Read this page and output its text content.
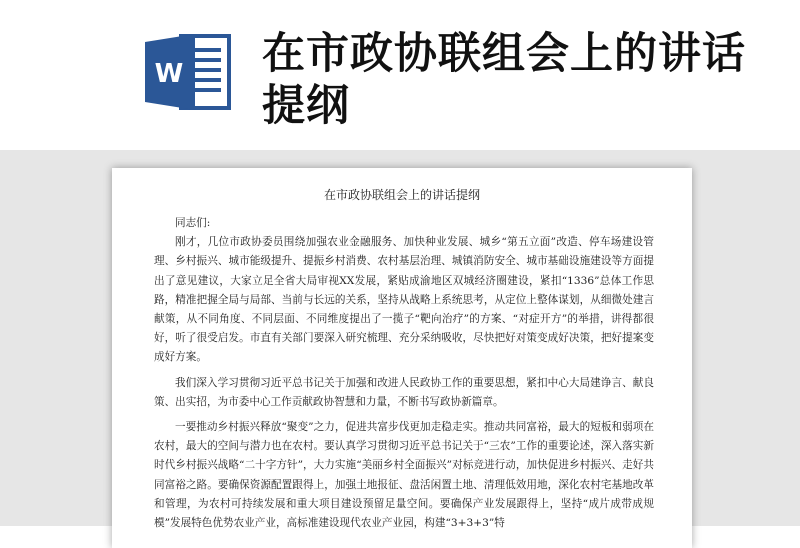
W 在市政协联组会上的讲话提纲
在市政协联组会上的讲话提纲

同志们:

刚才，几位市政协委员围绕加强农业金融服务、加快种业发展、城乡“第五立面”改造、停车场建设管理、乡村振兴、城市能级提升、提振乡村消费、农村基层治理、城镇消防安全、城市基础设施建设等方面提出了意见建议，大家立足全省大局审视XX发展，紧贴成渝地区双城经济圈建设，紧扣“1336”总体工作思路，精准把握全局与局部、当前与长远的关系，坚持从战略上系统思考，从定位上整体谋划，从细微处建言献策，从不同角度、不同层面、不同维度提出了一揽子“靶向治疗”的方案、“对症开方”的举措，讲得都很好，听了很受启发。市直有关部门要深入研究梳理、充分采纳吸收，尽快把好对策变成好决策，把好提案变成好方案。

我们深入学习贯彻习近平总书记关于加强和改进人民政协工作的重要思想，紧扣中心大局建诤言、献良策、出实招，为市委中心工作贡献政协智慧和力量，不断书写政协新篇章。

一要推动乡村振兴释放“聚变”之力，促进共富步伐更加走稳走实。推动共同富裕，最大的短板和弱项在农村，最大的空间与潜力也在农村。要认真学习贯彻习近平总书记关于“三农”工作的重要论述，深入落实新时代乡村振兴战略“二十字方针”，大力实施“美丽乡村全面振兴”对标竞进行动，加快促进乡村振兴、走好共同富裕之路。要确保资源配置跟得上，加强土地报征、盘活闲置土地、清理低效用地，深化农村宅基地改革和管理，为农村可持续发展和重大项目建设预留足量空间。要确保产业发展跟得上，坚持“成片成带成规模”发展特色优势农业产业，高标准建设现代农业产业园，构建“3+3+3”特
